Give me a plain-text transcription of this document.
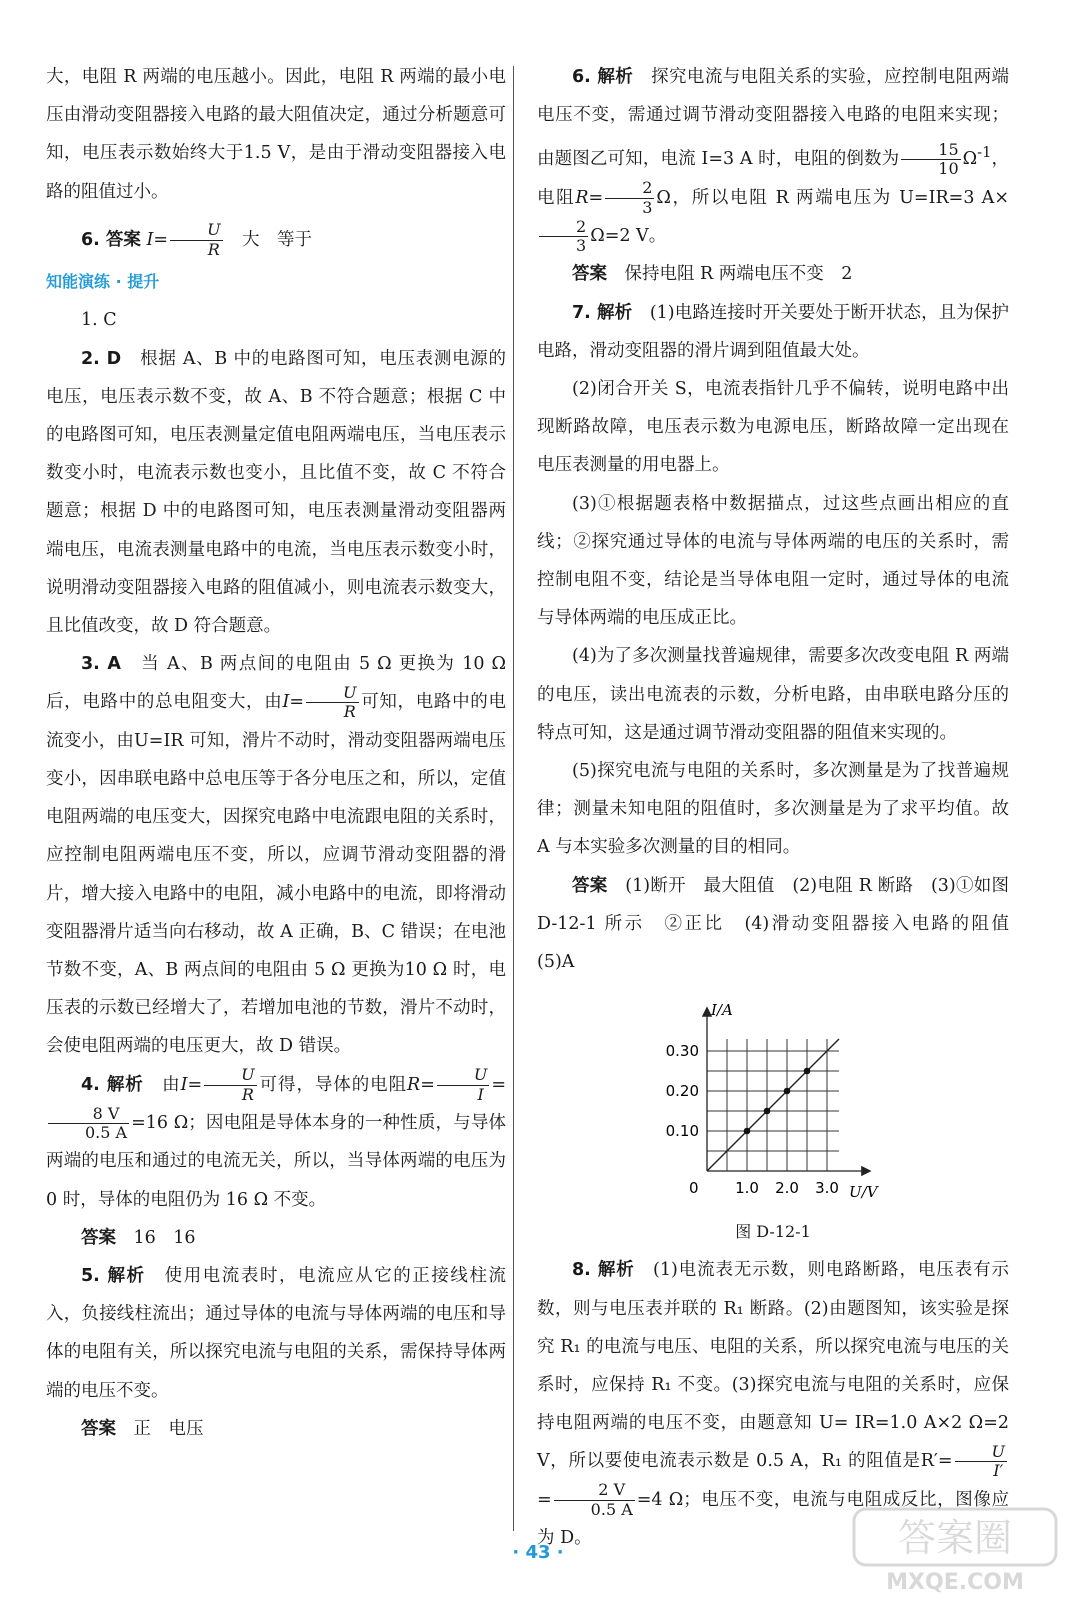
大，电阻 R 两端的电压越小。因此，电阻 R 两端的最小电压由滑动变阻器接入电路的最大阻值决定，通过分析题意可知，电压表示数始终大于1.5 V，是由于滑动变阻器接入电路的阻值过小。

6. 答案 $I= \frac{U}{R}$ 　大　等于

知能演练 · 提升

1. C

2. D　 根据 A、B 中的电路图可知，电压表测电源的电压，电压表示数不变，故 A、B 不符合题意；根据 C 中的电路图可知，电压表测量定值电阻两端电压，当电压表示数变小时，电流表示数也变小，且比值不变，故 C 不符合题意；根据 D 中的电路图可知，电压表测量滑动变阻器两端电压，电流表测量电路中的电流，当电压表示数变小时，说明滑动变阻器接入电路的阻值减小，则电流表示数变大，且比值改变，故 D 符合题意。

3. A　 当 A、B 两点间的电阻由 5 Ω 更换为 10 Ω 后，电路中的总电阻变大，由$I= \frac{U}{R}$ 可知，电路中的电流变小，由U=IR 可知，滑片不动时，滑动变阻器两端电压变小，因串联电路中总电压等于各分电压之和，所以，定值电阻两端的电压变大，因探究电路中电流跟电阻的关系时，应控制电阻两端电压不变，所以，应调节滑动变阻器的滑片，增大接入电路中的电阻，减小电路中的电流，即将滑动变阻器滑片适当向右移动，故 A 正确，B、C 错误；在电池节数不变，A、B 两点间的电阻由 5 Ω 更换为10 Ω 时，电压表的示数已经增大了，若增加电池的节数，滑片不动时，会使电阻两端的电压更大，故 D 错误。

4. 解析　 由$I= \frac{U}{R}$ 可得，导体的电阻$R= \frac{U}{I}$ =
$\frac{8 V}{0.5 A} =16$ Ω；因电阻是导体本身的一种性质，与导体两端的电压和通过的电流无关，所以，当导体两端的电压为 0 时，导体的电阻仍为 16 Ω 不变。

答案　 16　16

5. 解析　 使用电流表时，电流应从它的正接线柱流入，负接线柱流出；通过导体的电流与导体两端的电压和导体的电阻有关，所以探究电流与电阻的关系，需保持导体两端的电压不变。

答案　 正　电压

6. 解析　 探究电流与电阻关系的实验，应控制电阻两端电压不变，需通过调节滑动变阻器接入电路的电阻来实现；由题图乙可知，电流 I=3 A 时，电阻的倒数为 $\frac{15}{10} \Omega^{-1}$，电阻$R= \frac{2}{3}$ Ω，所以电阻 R 两端电压为 U=IR=3 A×
$\frac{2}{3} \Omega=2$ V。

答案　 保持电阻 R 两端电压不变　2

7. 解析　 (1)电路连接时开关要处于断开状态，且为保护电路，滑动变阻器的滑片调到阻值最大处。

(2)闭合开关 S，电流表指针几乎不偏转，说明电路中出现断路故障，电压表示数为电源电压，断路故障一定出现在电压表测量的用电器上。

(3)①根据题表格中数据描点，过这些点画出相应的直线；②探究通过导体的电流与导体两端的电压的关系时，需控制电阻不变，结论是当导体电阻一定时，通过导体的电流与导体两端的电压成正比。

(4)为了多次测量找普遍规律，需要多次改变电阻 R 两端的电压，读出电流表的示数，分析电路，由串联电路分压的特点可知，这是通过调节滑动变阻器的阻值来实现的。

(5)探究电流与电阻的关系时，多次测量是为了找普遍规律；测量未知电阻的阻值时，多次测量是为了求平均值。故 A 与本实验多次测量的目的相同。

答案　 (1)断开　最大阻值　(2)电阻 R 断路　(3)①如图 D-12-1 所示　②正比　(4)滑动变阻器接入电路的阻值　(5)A

1.0 2.0 3.0
0.10
0.20
0.30
I/A
U/V
0
图 D-12-1

8. 解析　 (1)电流表无示数，则电路断路，电压表有示数，则与电压表并联的 R₁ 断路。(2)由题图知，该实验是探究 R₁ 的电流与电压、电阻的关系，所以探究电流与电压的关系时，应保持 R₁ 不变。(3)探究电流与电阻的关系时，应保持电阻两端的电压不变，由题意知 U= IR=1.0 A×2 Ω=2 V，所以要使电流表示数是 0.5 A，R₁ 的阻值是$R'= \frac{U}{I'}$
= $\frac{2 V}{0.5 A} =4$ Ω；电压不变，电流与电阻成反比，图像应为 D。

· 43 ·	答案圈
MXQE.COM
